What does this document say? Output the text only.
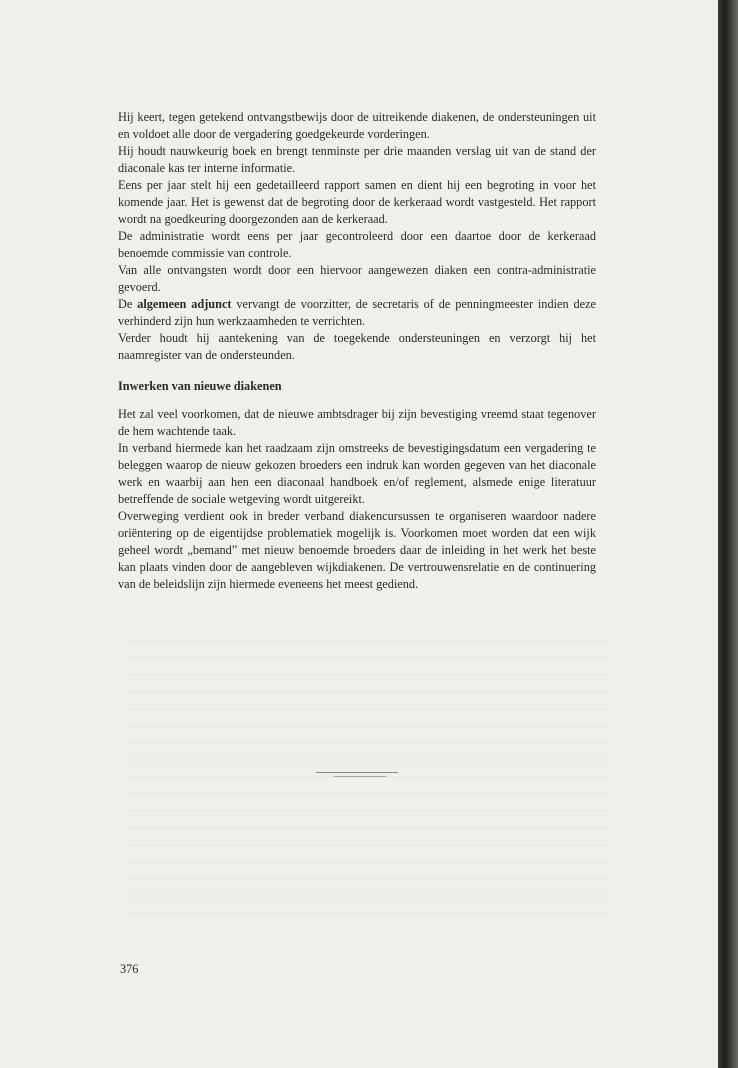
Hij keert, tegen getekend ontvangstbewijs door de uitreikende diakenen, de ondersteuningen uit en voldoet alle door de vergadering goedgekeurde vorderingen.

Hij houdt nauwkeurig boek en brengt tenminste per drie maanden verslag uit van de stand der diaconale kas ter interne informatie.

Eens per jaar stelt hij een gedetailleerd rapport samen en dient hij een begroting in voor het komende jaar. Het is gewenst dat de begroting door de kerkeraad wordt vastgesteld. Het rapport wordt na goedkeuring doorgezonden aan de kerkeraad.

De administratie wordt eens per jaar gecontroleerd door een daartoe door de kerkeraad benoemde commissie van controle.

Van alle ontvangsten wordt door een hiervoor aangewezen diaken een contra-administratie gevoerd.

De algemeen adjunct vervangt de voorzitter, de secretaris of de penningmeester indien deze verhinderd zijn hun werkzaamheden te verrichten.

Verder houdt hij aantekening van de toegekende ondersteuningen en verzorgt hij het naamregister van de ondersteunden.

Inwerken van nieuwe diakenen

Het zal veel voorkomen, dat de nieuwe ambtsdrager bij zijn bevestiging vreemd staat tegenover de hem wachtende taak.

In verband hiermede kan het raadzaam zijn omstreeks de bevestigingsdatum een vergadering te beleggen waarop de nieuw gekozen broeders een indruk kan worden gegeven van het diaconale werk en waarbij aan hen een diaconaal handboek en/of reglement, alsmede enige literatuur betreffende de sociale wetgeving wordt uitgereikt.

Overweging verdient ook in breder verband diakencursussen te organiseren waardoor nadere oriëntering op de eigentijdse problematiek mogelijk is. Voorkomen moet worden dat een wijk geheel wordt „bemand” met nieuw benoemde broeders daar de inleiding in het werk het beste kan plaats vinden door de aangebleven wijkdiakenen. De vertrouwensrelatie en de continuering van de beleidslijn zijn hiermede eveneens het meest gediend.

376
